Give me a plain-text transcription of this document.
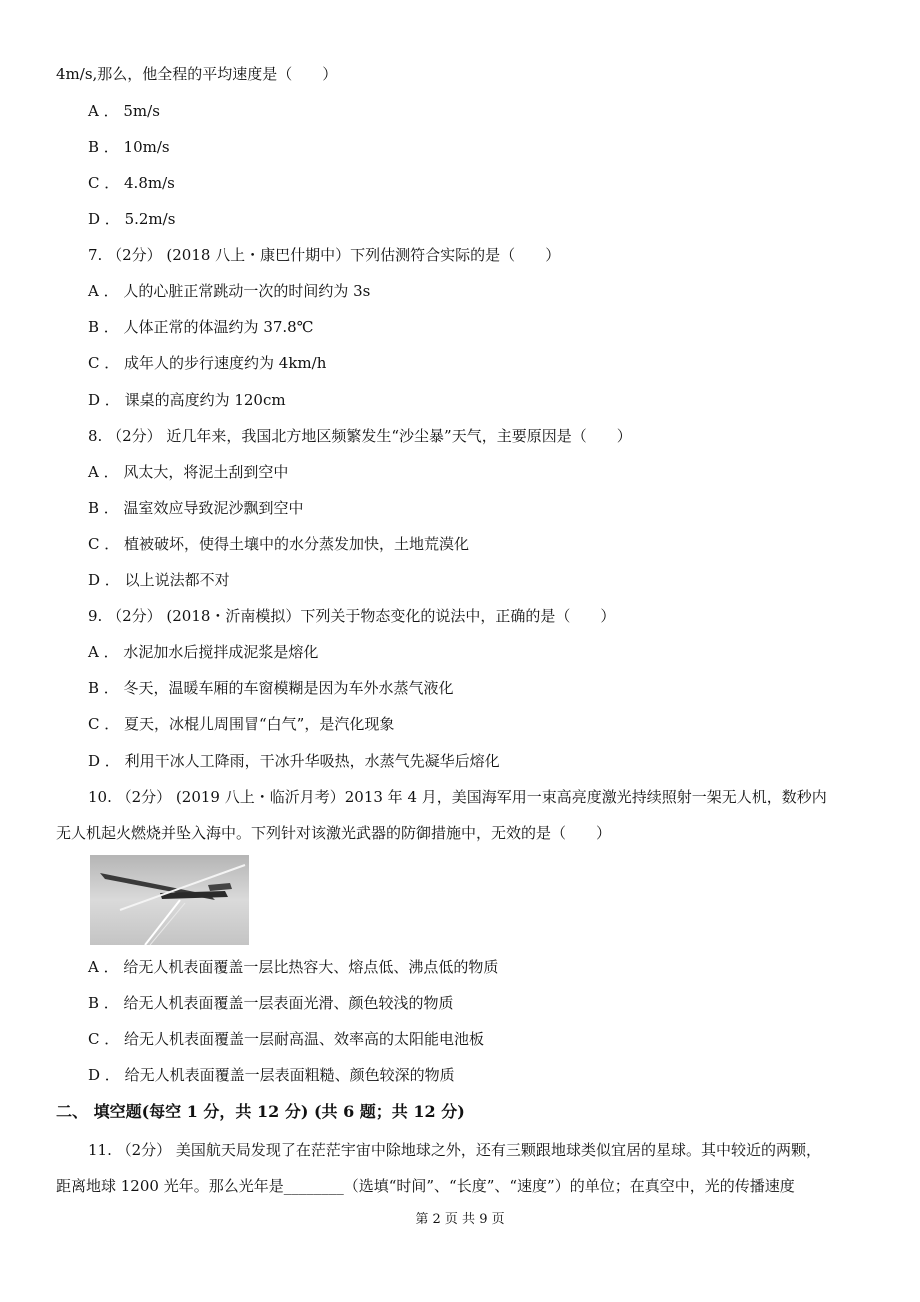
4m/s,那么，他全程的平均速度是（　　）
A ． 5m/s
B ． 10m/s
C ． 4.8m/s
D ． 5.2m/s
7. （2分） (2018 八上・康巴什期中）下列估测符合实际的是（　　）
A ． 人的心脏正常跳动一次的时间约为 3s
B ． 人体正常的体温约为 37.8℃
C ． 成年人的步行速度约为 4km/h
D ． 课桌的高度约为 120cm
8. （2分） 近几年来，我国北方地区频繁发生“沙尘暴”天气，主要原因是（　　）
A ． 风太大，将泥土刮到空中
B ． 温室效应导致泥沙飘到空中
C ． 植被破坏，使得土壤中的水分蒸发加快，土地荒漠化
D ． 以上说法都不对
9. （2分） (2018・沂南模拟）下列关于物态变化的说法中，正确的是（　　）
A ． 水泥加水后搅拌成泥浆是熔化
B ． 冬天，温暖车厢的车窗模糊是因为车外水蒸气液化
C ． 夏天，冰棍儿周围冒“白气”，是汽化现象
D ． 利用干冰人工降雨，干冰升华吸热，水蒸气先凝华后熔化
10. （2分） (2019 八上・临沂月考）2013 年 4 月，美国海军用一束高亮度激光持续照射一架无人机，数秒内
无人机起火燃烧并坠入海中。下列针对该激光武器的防御措施中，无效的是（　　）
A ． 给无人机表面覆盖一层比热容大、熔点低、沸点低的物质
B ． 给无人机表面覆盖一层表面光滑、颜色较浅的物质
C ． 给无人机表面覆盖一层耐高温、效率高的太阳能电池板
D ． 给无人机表面覆盖一层表面粗糙、颜色较深的物质
二、 填空题(每空 1 分，共 12 分) (共 6 题；共 12 分)
11. （2分） 美国航天局发现了在茫茫宇宙中除地球之外，还有三颗跟地球类似宜居的星球。其中较近的两颗，
距离地球 1200 光年。那么光年是________（选填“时间”、“长度”、“速度”）的单位；在真空中，光的传播速度
第 2 页 共 9 页
